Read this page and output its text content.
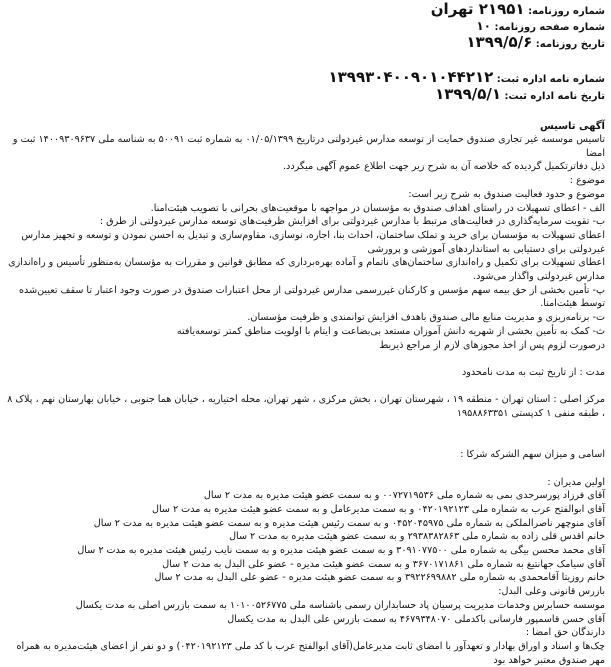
شماره روزنامه: ۲۱۹۵۱ تهران
شماره صفحه روزنامه: ۱۰
تاریخ روزنامه: ۱۳۹۹/۵/۶
شماره نامه اداره ثبت: ۱۳۹۹۳۰۴۰۰۹۰۱۰۴۴۲۱۲
تاریخ نامه اداره ثبت: ۱۳۹۹/۵/۱
آگهی تاسیس

تاسیس موسسه غیر تجاری صندوق حمایت از توسعه مدارس غیردولتی درتاریخ ۰۱/۰۵/۱۳۹۹ به شماره ثبت ۵۰۰۹۱ به شناسه ملی ۱۴۰۰۹۳۰۹۶۳۷ ثبت و امضا

ذیل دفاترتکمیل گردیده که خلاصه آن به شرح زیر جهت اطلاع عموم آگهی میگردد.

موضوع :

موضوع و حدود فعالیت صندوق به شرح زیر است:

الف - اعطای تسهیلات در راستای اهداف صندوق به مؤسسان در مواجهه با موقعیت‌های بحرانی با تصویب هیئت‌امنا.

ب- تقویت سرمایه‌گذاری در فعالیت‌های مرتبط با مدارس غیردولتی برای افزایش ظرفیت‌های توسعه مدارس غیردولتی از طرق :

اعطای تسهیلات به مؤسسان برای خرید و تملک ساختمان، احداث بنا، اجاره، نوسازی، مقاوم‌سازی و تبدیل به احسن نمودن و توسعه و تجهیز مدارس غیردولتی برای دستیابی به استانداردهای آموزشی و پرورشی

اعطای تسهیلات برای تکمیل و راه‌اندازی ساختمان‌های ناتمام و آماده بهره‌برداری که مطابق قوانین و مقررات به مؤسسان به‌منظور تأسیس و راه‌اندازی مدارس غیردولتی واگذار می‌شود.

پ- تأمین بخشی از حق بیمه سهم مؤسس و کارکنان غیررسمی مدارس غیردولتی از محل اعتبارات صندوق در صورت وجود اعتبار تا سقف تعیین‌شده توسط هیئت‌امنا.

ت- برنامه‌ریزی و مدیریت منابع مالی صندوق باهدف افزایش توانمندی و ظرفیت مؤسسان.

ث- کمک به تأمین بخشی از شهریه دانش آموزان مستعد بی‌بضاعت و ایتام با اولویت مناطق کمتر توسعه‌یافته

درصورت لزوم پس از اخذ مجوزهای لازم از مراجع ذیربط

مدت : از تاریخ ثبت به مدت نامحدود

مرکز اصلی : استان تهران - منطقه ۱۹ ، شهرستان تهران ، بخش مرکزی ، شهر تهران، محله اختیاریه ، خیابان هما جنوبی ، خیابان بهارستان نهم ، پلاک ۸ ، طبقه منفی ۱ کدپستی ۱۹۵۸۸۶۳۳۵۱

اسامی و میزان سهم الشرکه شرکا :

اولین مدیران :

آقای فرزاد پورسرحدی بمی به شماره ملی ۰۰۷۲۷۱۹۵۳۶ و به سمت عضو هیئت مدیره به مدت ۲ سال

آقای ابوالفتح عرب به شماره ملی ۰۴۲۰۱۹۲۱۲۳ و به سمت مدیرعامل و به سمت عضو هیئت مدیره به مدت ۲ سال

آقای منوچهر ناصرالملکی به شماره ملی ۰۴۵۲۰۴۵۹۷۵ و به سمت رئیس هیئت مدیره و به سمت عضو هیئت مدیره به مدت ۲ سال

خانم اقدس قلی زاده به شماره ملی ۲۹۳۸۳۸۲۸۶۳ و به سمت عضو هیئت مدیره به مدت ۲ سال

آقای محمد محسن بیگی به شماره ملی ۳۰۹۱۰۷۷۵۰۰ و به سمت عضو هیئت مدیره و به سمت نایب رئیس هیئت مدیره به مدت ۲ سال

آقای سیامک جهانتیغ به شماره ملی ۳۶۷۰۱۷۱۸۶۱ و به سمت عضو هیئت مدیره - عضو علی البدل به مدت ۲ سال

خانم روزیتا آقامحمدی به شماره ملی ۳۹۲۲۶۹۹۸۸۲ و به سمت عضو هیئت مدیره - عضو علی البدل به مدت ۲ سال

بازرس قانونی وعلی البدل:

موسسه حسابرس وخدمات مدیریت پرسیان پاد حسابداران رسمی باشناسه ملی ۱۰۱۰۰۵۲۶۷۷۵ به سمت بازرس اصلی به مدت یکسال

آقای حسن قاسمپور فارسانی باکدملی ۴۶۷۹۳۴۸۰۷۰ به سمت بازرس علی البدل به مدت یکسال

دارندگان حق امضا :

چک‌ها و اسناد و اوراق بهادار و تعهدآور با امضای ثابت مدیرعامل(آقای ابوالفتح عرب با کد ملی ۰۴۲۰۱۹۲۱۲۳) و دو نفر از اعضای هیئت‌مدیره به همراه مهر صندوق معتبر خواهد بود
